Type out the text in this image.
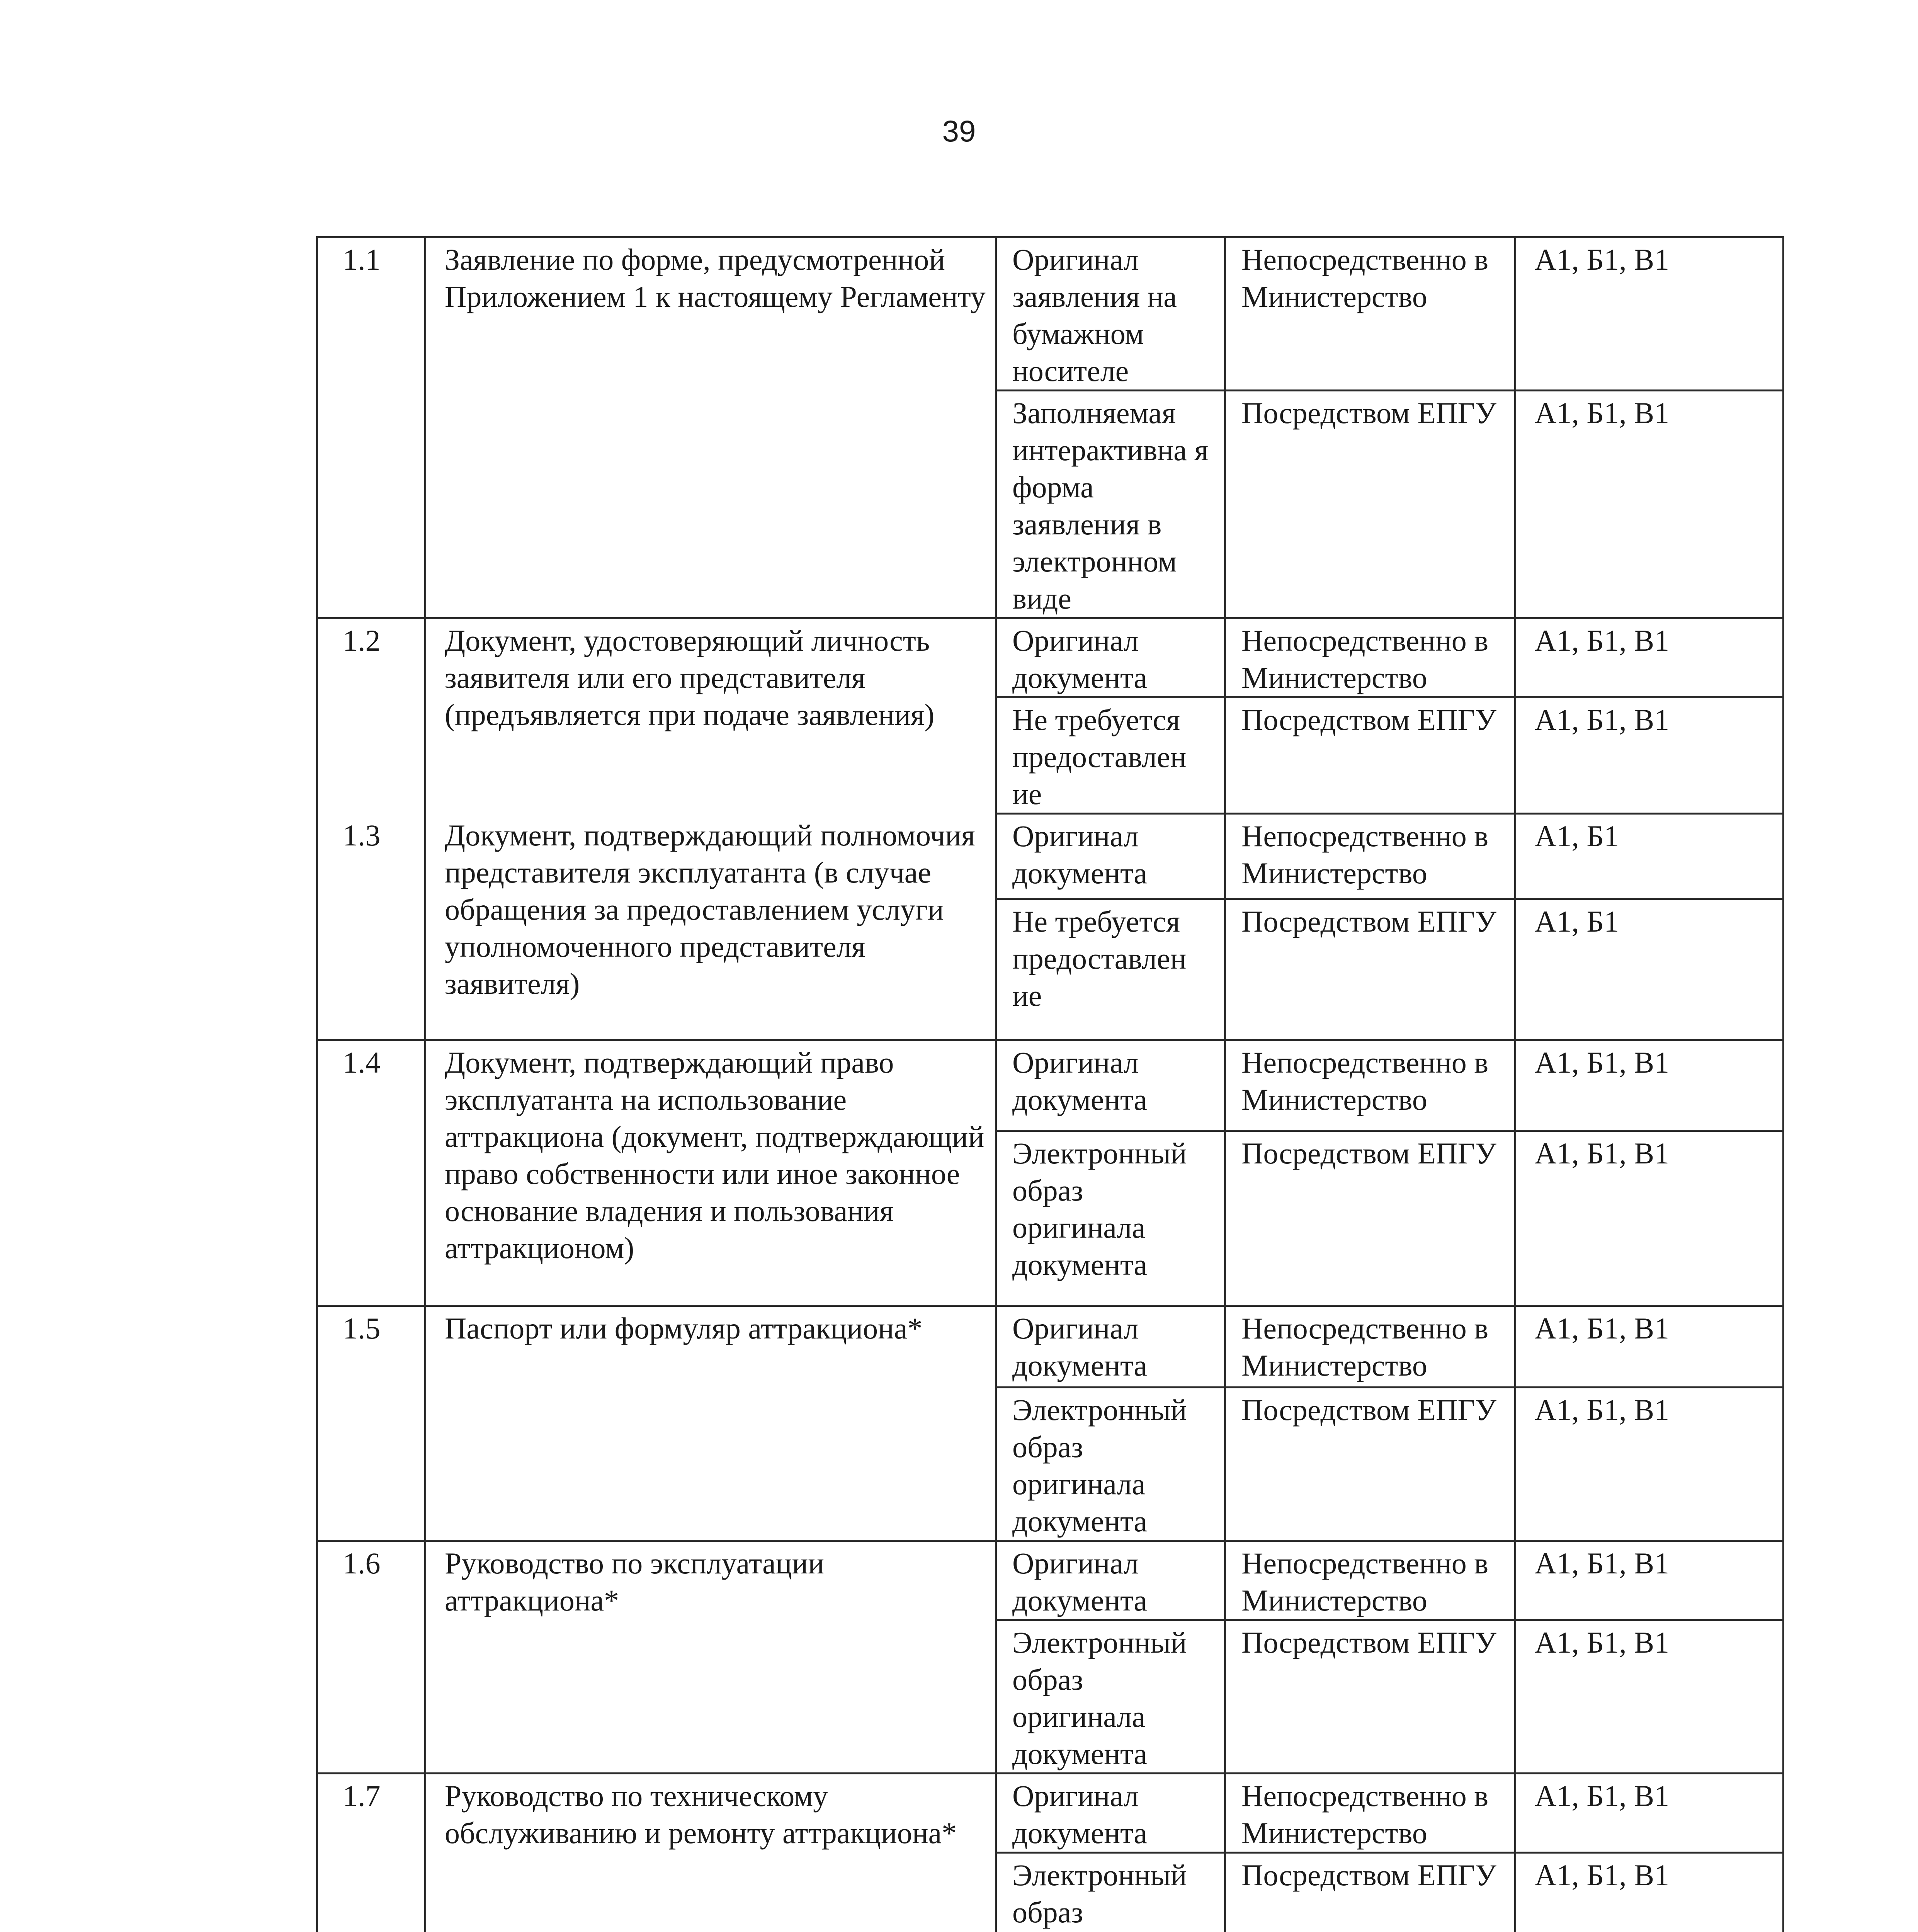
39
1.1	Заявление по форме, предусмотренной Приложением 1 к настоящему Регламенту	Оригинал заявления на бумажном носителе	Непосредственно в Министерство	А1, Б1, В1
		Заполняемая интерактивна я форма заявления в электронном виде	Посредством ЕПГУ	А1, Б1, В1
1.2	Документ, удостоверяющий личность заявителя или его представителя (предъявляется при подаче заявления)	Оригинал документа	Непосредственно в Министерство	А1, Б1, В1
		Не требуется предоставлен ие	Посредством ЕПГУ	А1, Б1, В1
1.3	Документ, подтверждающий полномочия представителя эксплуатанта (в случае обращения за предоставлением услуги уполномоченного представителя заявителя)	Оригинал документа	Непосредственно в Министерство	А1, Б1
		Не требуется предоставлен ие	Посредством ЕПГУ	А1, Б1
1.4	Документ, подтверждающий право эксплуатанта на использование аттракциона (документ, подтверждающий право собственности или иное законное основание владения и пользования аттракционом)	Оригинал документа	Непосредственно в Министерство	А1, Б1, В1
		Электронный образ оригинала документа	Посредством ЕПГУ	А1, Б1, В1
1.5	Паспорт или формуляр аттракциона*	Оригинал документа	Непосредственно в Министерство	А1, Б1, В1
		Электронный образ оригинала документа	Посредством ЕПГУ	А1, Б1, В1
1.6	Руководство по эксплуатации аттракциона*	Оригинал документа	Непосредственно в Министерство	А1, Б1, В1
		Электронный образ оригинала документа	Посредством ЕПГУ	А1, Б1, В1
1.7	Руководство по техническому обслуживанию и ремонту аттракциона*	Оригинал документа	Непосредственно в Министерство	А1, Б1, В1
		Электронный образ	Посредством ЕПГУ	А1, Б1, В1
